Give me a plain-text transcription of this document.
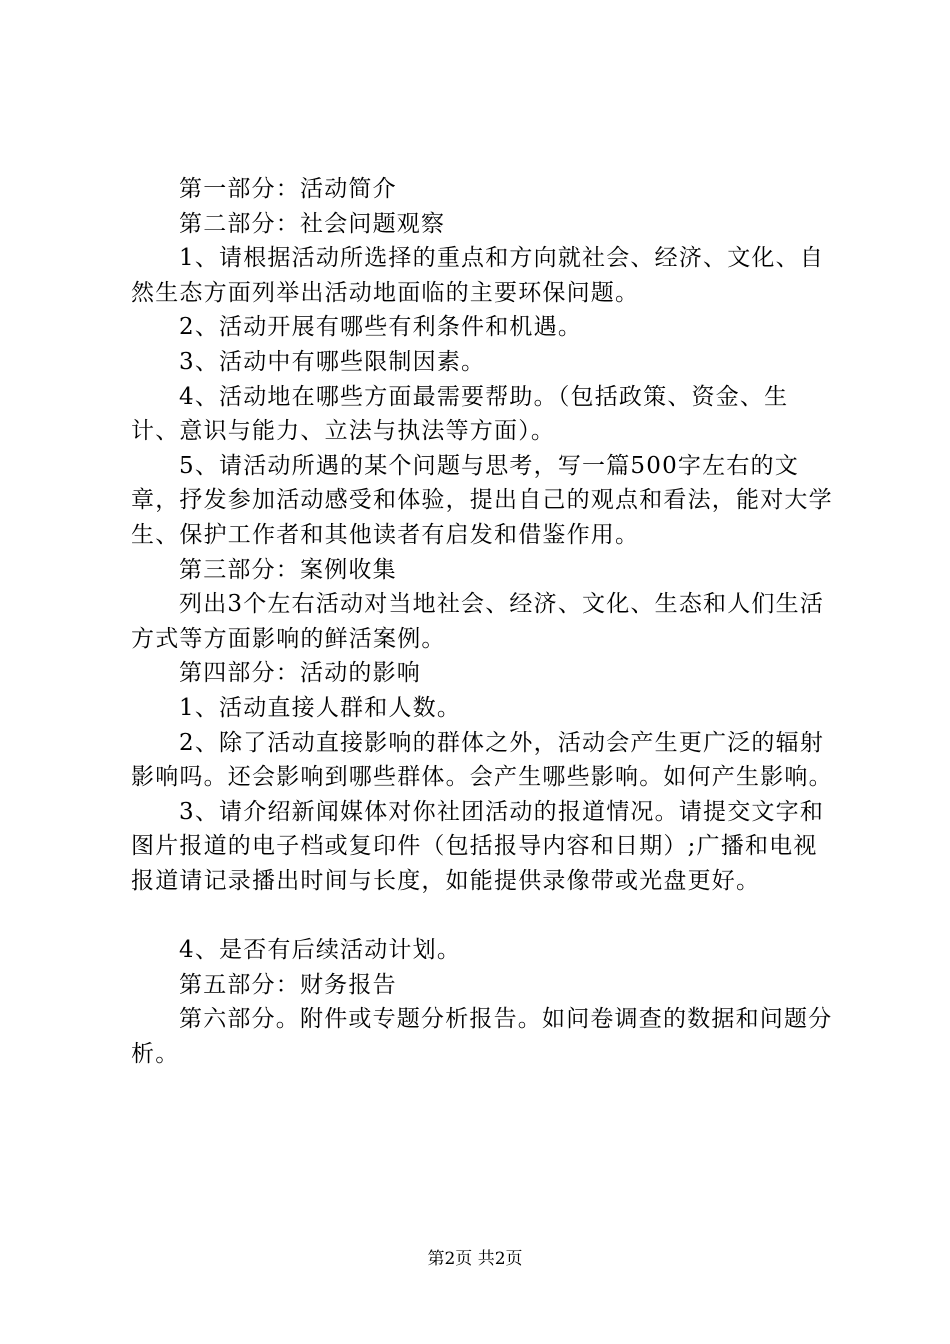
第一部分：活动简介

第二部分：社会问题观察

1、请根据活动所选择的重点和方向就社会、经济、文化、自然生态方面列举出活动地面临的主要环保问题。

2、活动开展有哪些有利条件和机遇。

3、活动中有哪些限制因素。

4、活动地在哪些方面最需要帮助。（包括政策、资金、生计、意识与能力、立法与执法等方面）。

5、请活动所遇的某个问题与思考，写一篇500字左右的文章，抒发参加活动感受和体验，提出自己的观点和看法，能对大学生、保护工作者和其他读者有启发和借鉴作用。

第三部分：案例收集

列出3个左右活动对当地社会、经济、文化、生态和人们生活方式等方面影响的鲜活案例。

第四部分：活动的影响

1、活动直接人群和人数。

2、除了活动直接影响的群体之外，活动会产生更广泛的辐射影响吗。还会影响到哪些群体。会产生哪些影响。如何产生影响。

3、请介绍新闻媒体对你社团活动的报道情况。请提交文字和图片报道的电子档或复印件（包括报导内容和日期）;广播和电视报道请记录播出时间与长度，如能提供录像带或光盘更好。

4、是否有后续活动计划。

第五部分：财务报告

第六部分。附件或专题分析报告。如问卷调查的数据和问题分析。

第2页 共2页
